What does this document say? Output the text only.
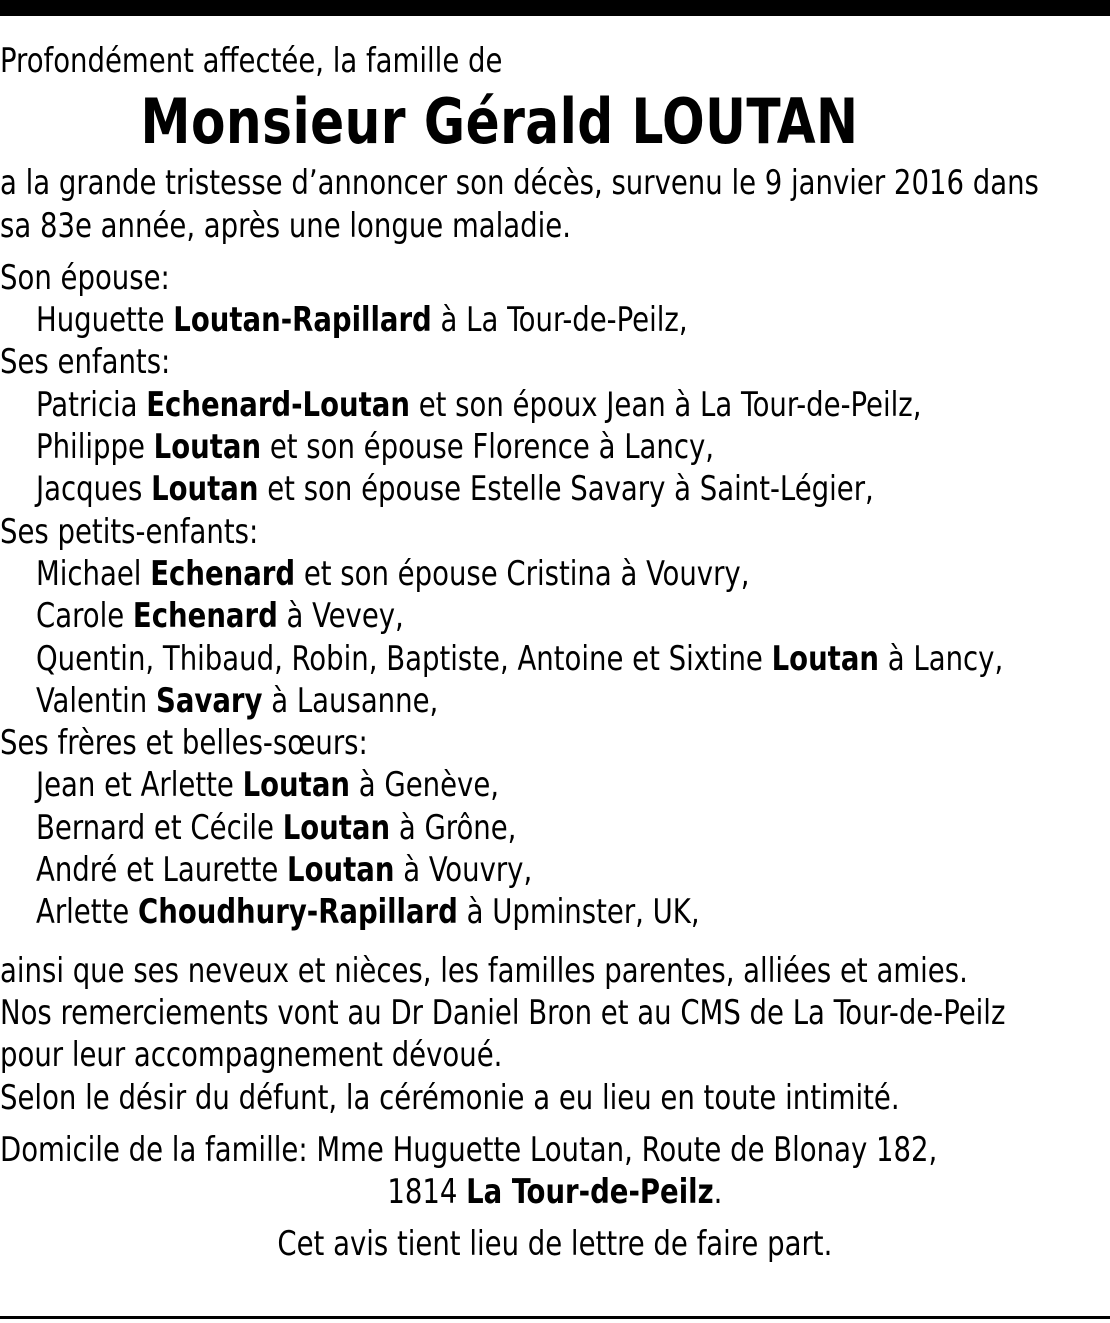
Profondément affectée, la famille de

Monsieur Gérald LOUTAN

a la grande tristesse d’annoncer son décès, survenu le 9 janvier 2016 dans

sa 83e année, après une longue maladie.

Son épouse:

Huguette Loutan-Rapillard à La Tour-de-Peilz,

Ses enfants:

Patricia Echenard-Loutan et son époux Jean à La Tour-de-Peilz,

Philippe Loutan et son épouse Florence à Lancy,

Jacques Loutan et son épouse Estelle Savary à Saint-Légier,

Ses petits-enfants:

Michael Echenard et son épouse Cristina à Vouvry,

Carole Echenard à Vevey,

Quentin, Thibaud, Robin, Baptiste, Antoine et Sixtine Loutan à Lancy,

Valentin Savary à Lausanne,

Ses frères et belles-sœurs:

Jean et Arlette Loutan à Genève,

Bernard et Cécile Loutan à Grône,

André et Laurette Loutan à Vouvry,

Arlette Choudhury-Rapillard à Upminster, UK,

ainsi que ses neveux et nièces, les familles parentes, alliées et amies.

Nos remerciements vont au Dr Daniel Bron et au CMS de La Tour-de-Peilz

pour leur accompagnement dévoué.

Selon le désir du défunt, la cérémonie a eu lieu en toute intimité.

Domicile de la famille: Mme Huguette Loutan, Route de Blonay 182,

1814 La Tour-de-Peilz.

Cet avis tient lieu de lettre de faire part.
